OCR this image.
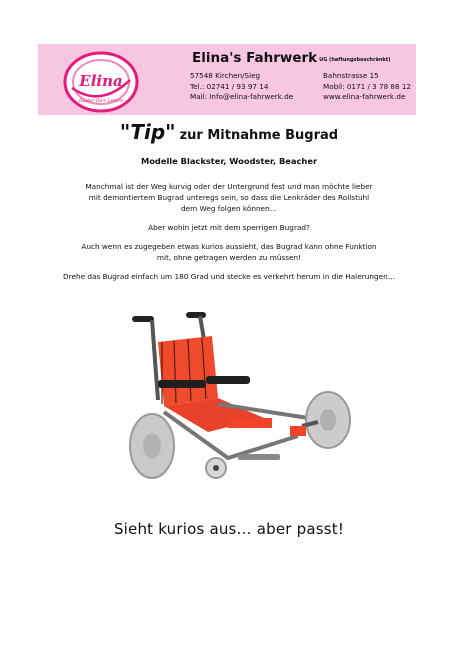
Elina
Räder fürs Leben
Elina's Fahrwerk UG (haftungsbeschränkt)
57548 Kirchen/Sieg
Tel.: 02741 / 93 97 14
Mail: Info@elina-fahrwerk.de
Bahnstrasse 15
Mobil: 0171 / 3 78 88 12
www.elina-fahrwerk.de
"Tip" zur Mitnahme Bugrad
Modelle Blackster, Woodster, Beacher
Manchmal ist der Weg kurvig oder der Untergrund fest und man möchte lieber
mit demontiertem Bugrad unteregs sein, so dass die Lenkräder des Rollstuhl
dem Weg folgen können…
Aber wohin jetzt mit dem sperrigen Bugrad?
Auch wenn es zugegeben etwas kurios aussieht, das Bugrad kann ohne Funktion
mit, ohne getragen werden zu müssen!
Drehe das Bugrad einfach um 180 Grad und stecke es verkehrt herum in die Halerungen…
Sieht kurios aus… aber passt!
